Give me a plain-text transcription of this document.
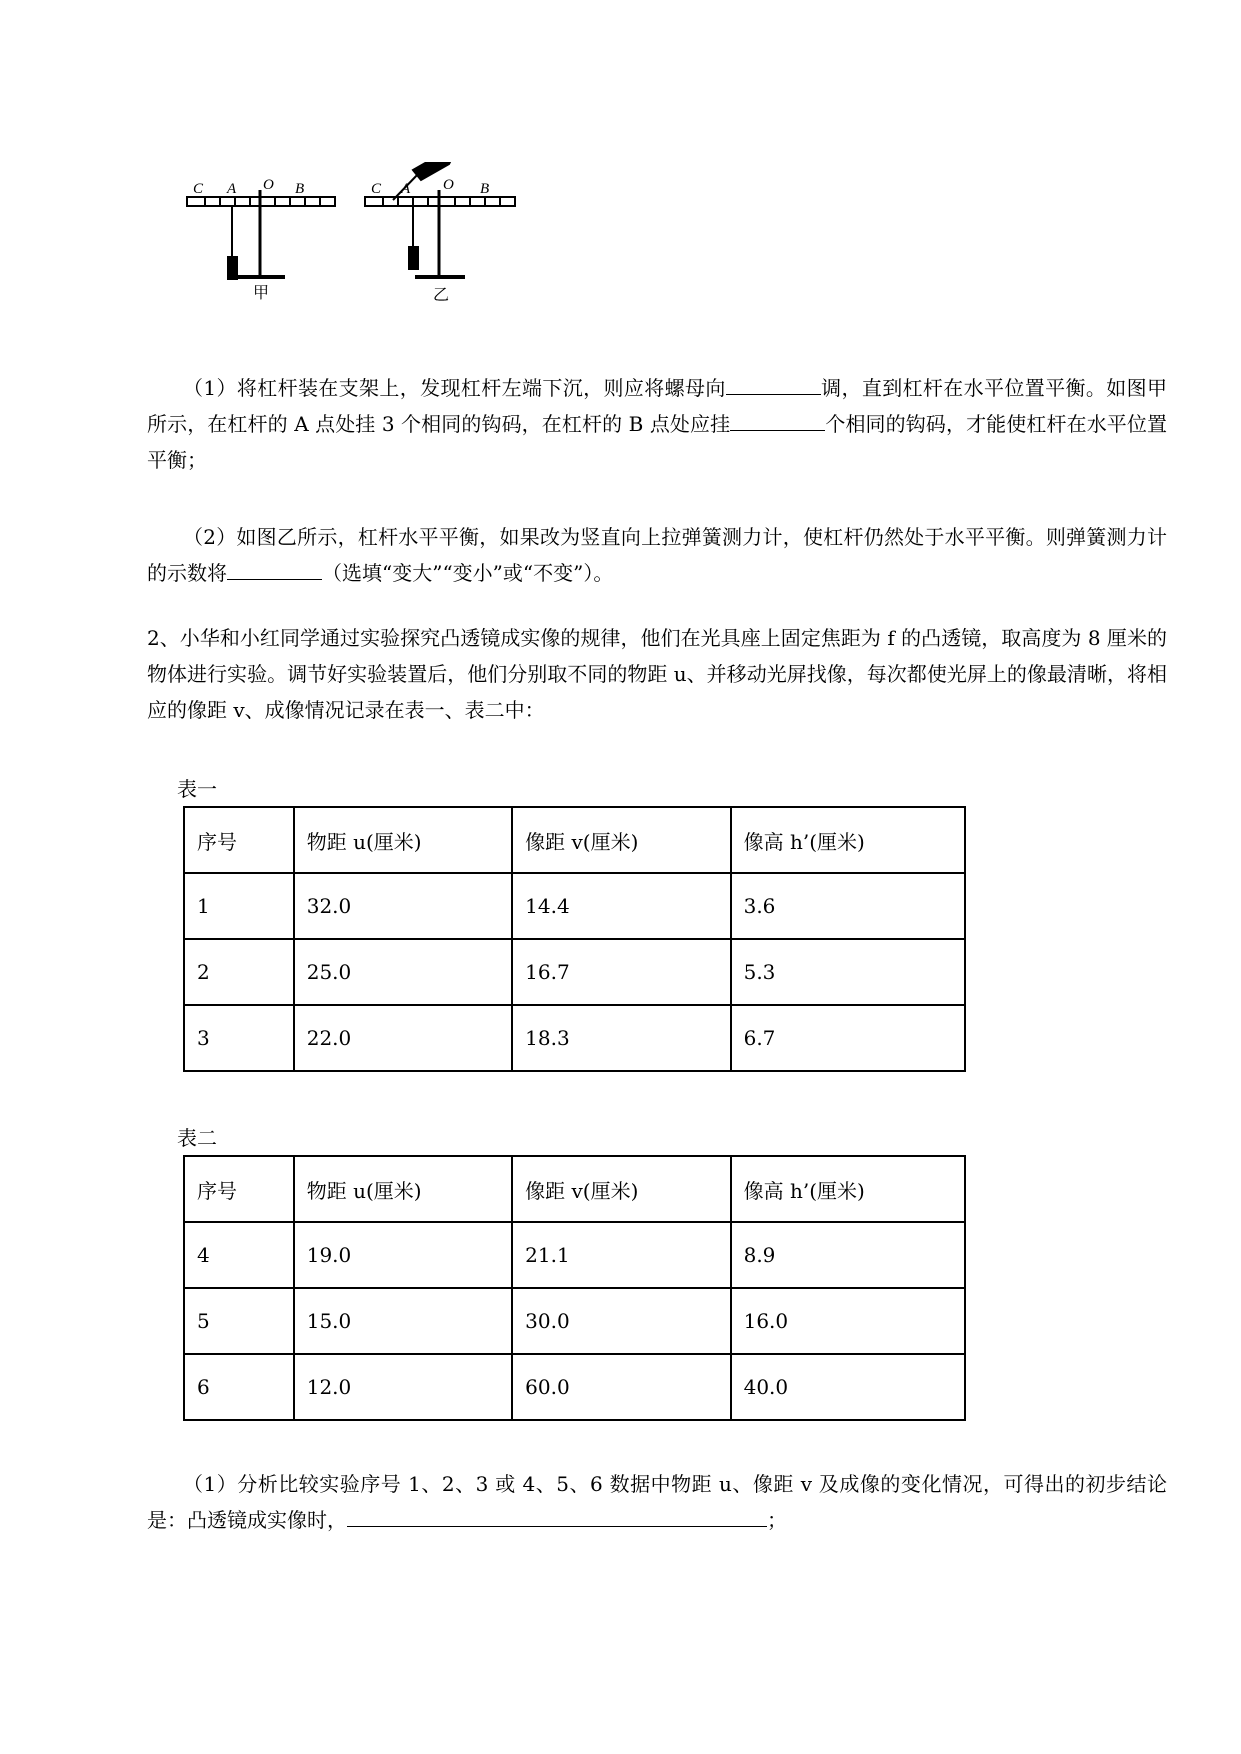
C A O B
甲
C A O B
乙
（1）将杠杆装在支架上，发现杠杆左端下沉，则应将螺母向	调，直到杠杆在水平位置平衡。如图甲所示，在杠杆的 A 点处挂 3 个相同的钩码，在杠杆的 B 点处应挂	个相同的钩码，才能使杠杆在水平位置平衡；
（2）如图乙所示，杠杆水平平衡，如果改为竖直向上拉弹簧测力计，使杠杆仍然处于水平平衡。则弹簧测力计的示数将	（选填“变大”“变小”或“不变”）。
2、小华和小红同学通过实验探究凸透镜成实像的规律，他们在光具座上固定焦距为 f 的凸透镜，取高度为 8 厘米的物体进行实验。调节好实验装置后，他们分别取不同的物距 u、并移动光屏找像，每次都使光屏上的像最清晰，将相应的像距 v、成像情况记录在表一、表二中：
表一
序号	物距 u(厘米)	像距 v(厘米)	像高 h’(厘米)
1	32.0	14.4	3.6
2	25.0	16.7	5.3
3	22.0	18.3	6.7
表二
序号	物距 u(厘米)	像距 v(厘米)	像高 h’(厘米)
4	19.0	21.1	8.9
5	15.0	30.0	16.0
6	12.0	60.0	40.0
（1）分析比较实验序号 1、2、3 或 4、5、6 数据中物距 u、像距 v 及成像的变化情况，可得出的初步结论是：凸透镜成实像时，	；
